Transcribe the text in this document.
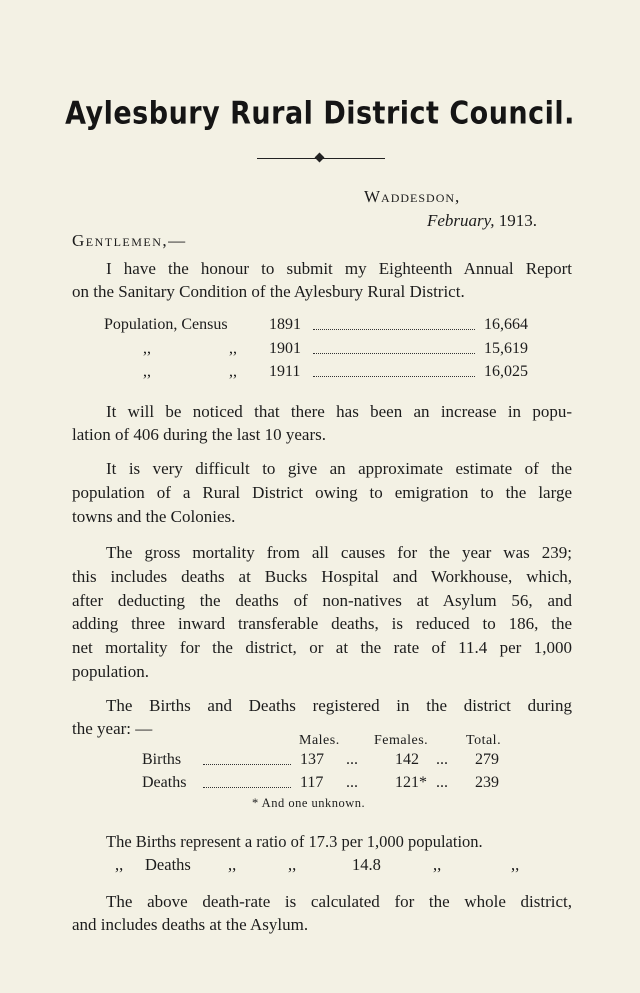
Aylesbury Rural District Council.
Waddesdon,
February, 1913.
Gentlemen,—
I have the honour to submit my Eighteenth Annual Report
on the Sanitary Condition of the Aylesbury Rural District.
Population, Census	1891	16,664
,,	,, 1901	15,619
,,	,, 1911	16,025
It will be noticed that there has been an increase in popu-
lation of 406 during the last 10 years.
It is very difficult to give an approximate estimate of the
population of a Rural District owing to emigration to the large
towns and the Colonies.
The gross mortality from all causes for the year was 239;
this includes deaths at Bucks Hospital and Workhouse, which,
after deducting the deaths of non-natives at Asylum 56, and
adding three inward transferable deaths, is reduced to 186, the
net mortality for the district, or at the rate of 11.4 per 1,000
population.
The Births and Deaths registered in the district during
the year: —
Males. Females.	Total.
Births	137 ... 142 ... 279
Deaths	117 ... 121* ... 239
* And one unknown.
The Births represent a ratio of 17.3 per 1,000 population.
,, Deaths ,,	,,	14.8	,,	,,
The above death-rate is calculated for the whole district,
and includes deaths at the Asylum.
